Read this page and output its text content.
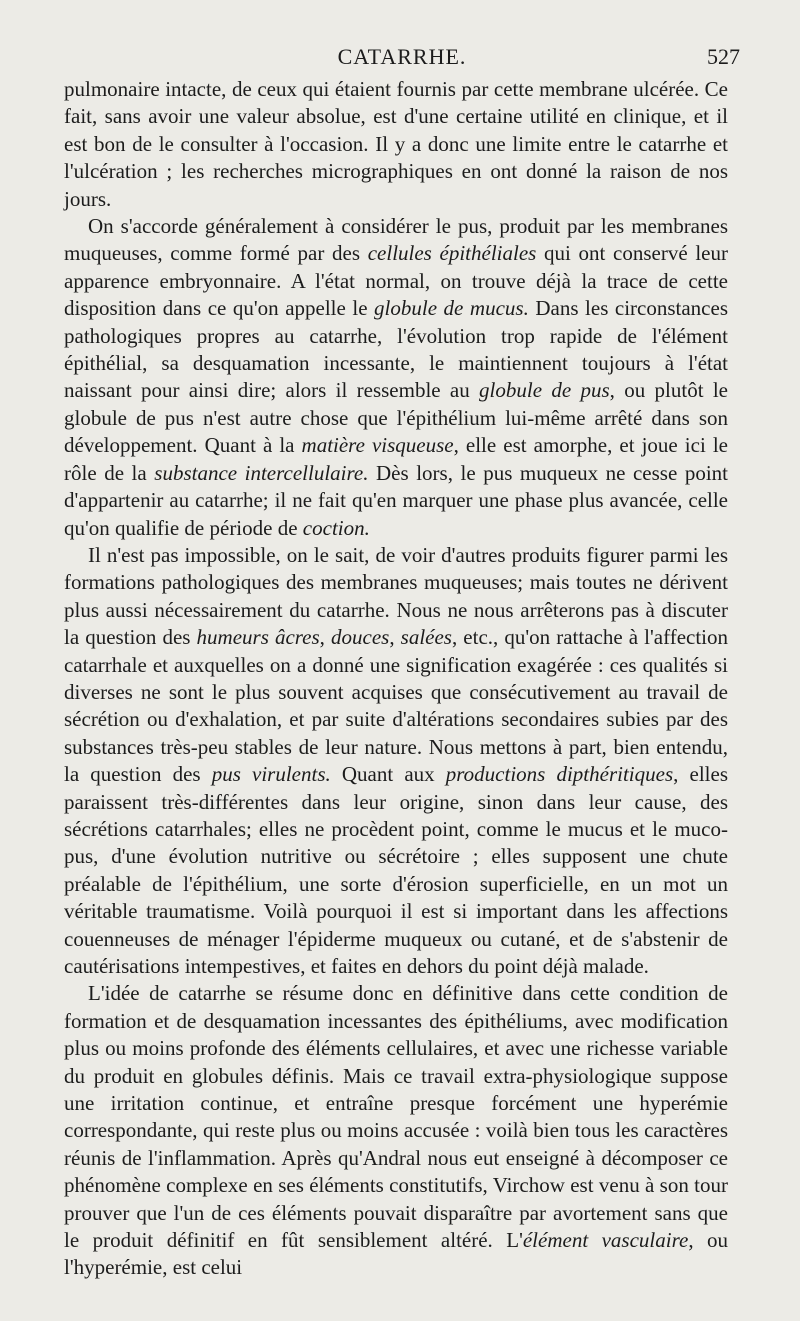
CATARRHE.	527

pulmonaire intacte, de ceux qui étaient fournis par cette membrane ulcérée. Ce fait, sans avoir une valeur absolue, est d'une certaine utilité en clinique, et il est bon de le consulter à l'occasion. Il y a donc une limite entre le catarrhe et l'ulcération ; les recherches micrographiques en ont donné la raison de nos jours.

On s'accorde généralement à considérer le pus, produit par les membranes muqueuses, comme formé par des cellules épithéliales qui ont conservé leur apparence embryonnaire. A l'état normal, on trouve déjà la trace de cette disposition dans ce qu'on appelle le globule de mucus. Dans les circonstances pathologiques propres au catarrhe, l'évolution trop rapide de l'élément épithélial, sa desquamation incessante, le maintiennent toujours à l'état naissant pour ainsi dire; alors il ressemble au globule de pus, ou plutôt le globule de pus n'est autre chose que l'épithélium lui-même arrêté dans son développement. Quant à la matière visqueuse, elle est amorphe, et joue ici le rôle de la substance intercellulaire. Dès lors, le pus muqueux ne cesse point d'appartenir au catarrhe; il ne fait qu'en marquer une phase plus avancée, celle qu'on qualifie de période de coction.

Il n'est pas impossible, on le sait, de voir d'autres produits figurer parmi les formations pathologiques des membranes muqueuses; mais toutes ne dérivent plus aussi nécessairement du catarrhe. Nous ne nous arrêterons pas à discuter la question des humeurs âcres, douces, salées, etc., qu'on rattache à l'affection catarrhale et auxquelles on a donné une signification exagérée : ces qualités si diverses ne sont le plus souvent acquises que consécutivement au travail de sécrétion ou d'exhalation, et par suite d'altérations secondaires subies par des substances très-peu stables de leur nature. Nous mettons à part, bien entendu, la question des pus virulents. Quant aux productions dipthéritiques, elles paraissent très-différentes dans leur origine, sinon dans leur cause, des sécrétions catarrhales; elles ne procèdent point, comme le mucus et le muco-pus, d'une évolution nutritive ou sécrétoire ; elles supposent une chute préalable de l'épithélium, une sorte d'érosion superficielle, en un mot un véritable traumatisme. Voilà pourquoi il est si important dans les affections couenneuses de ménager l'épiderme muqueux ou cutané, et de s'abstenir de cautérisations intempestives, et faites en dehors du point déjà malade.

L'idée de catarrhe se résume donc en définitive dans cette condition de formation et de desquamation incessantes des épithéliums, avec modification plus ou moins profonde des éléments cellulaires, et avec une richesse variable du produit en globules définis. Mais ce travail extra-physiologique suppose une irritation continue, et entraîne presque forcément une hyperémie correspondante, qui reste plus ou moins accusée : voilà bien tous les caractères réunis de l'inflammation. Après qu'Andral nous eut enseigné à décomposer ce phénomène complexe en ses éléments constitutifs, Virchow est venu à son tour prouver que l'un de ces éléments pouvait disparaître par avortement sans que le produit définitif en fût sensiblement altéré. L'élément vasculaire, ou l'hyperémie, est celui
